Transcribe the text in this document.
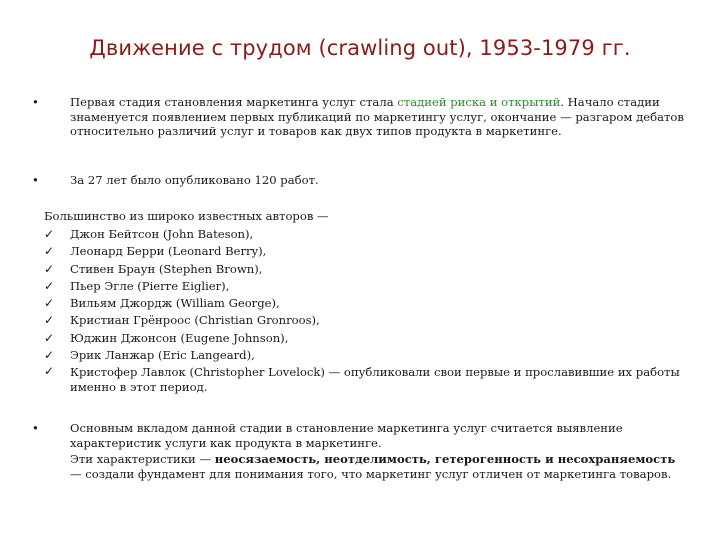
Движение с трудом (crawling out), 1953-1979 гг.
•	Первая стадия становления маркетинга услуг стала стадией риска и открытий. Начало стадии знаменуется появлением первых публикаций по маркетингу услуг, окончание — разгаром дебатов относительно различий услуг и товаров как двух типов продукта в маркетинге.
•	За 27 лет было опубликовано 120 работ.
Большинство из широко известных авторов —
✓ Джон Бейтсон (John Bateson),
✓ Леонард Берри (Leonard Berry),
✓ Стивен Браун (Stephen Brown),
✓ Пьер Эгле (Pierre Eiglier),
✓ Вильям Джордж (William George),
✓ Кристиан Грёнроос (Christian Gronroos),
✓ Юджин Джонсон (Eugene Johnson),
✓ Эрик Ланжар (Eric Langeard),
✓ Кристофер Лавлок (Christopher Lovelock) — опубликовали свои первые и прославившие их работы именно в этот период.
•	Основным вкладом данной стадии в становление маркетинга услуг считается выявление характеристик услуги как продукта в маркетинге.
Эти характеристики — неосязаемость, неотделимость, гетерогенность и несохраняемость — создали фундамент для понимания того, что маркетинг услуг отличен от маркетинга товаров.
